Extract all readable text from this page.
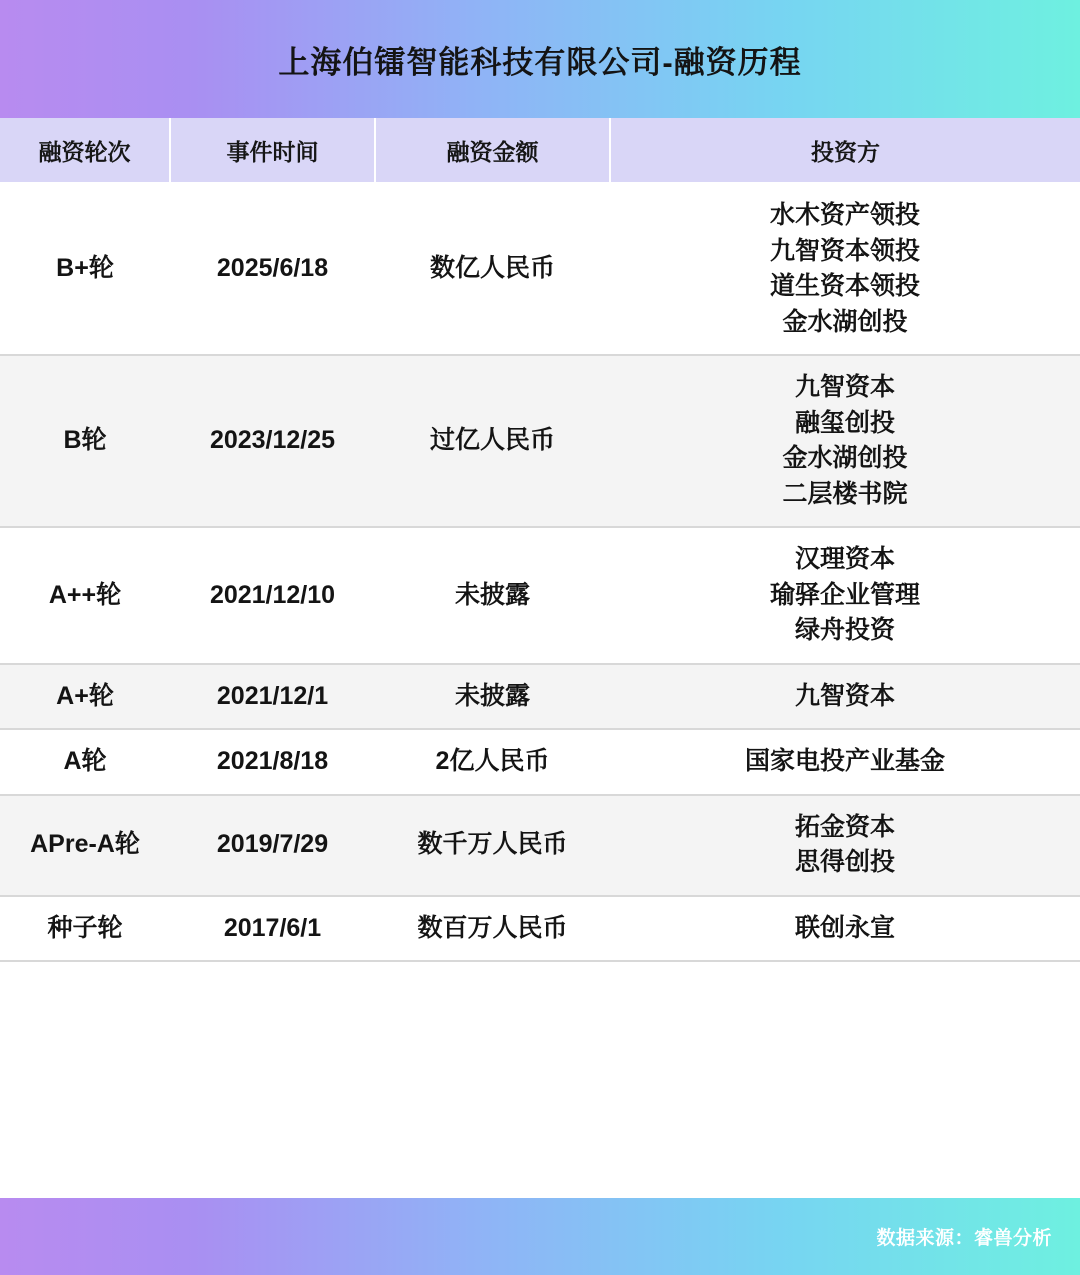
上海伯镭智能科技有限公司-融资历程
融资轮次	事件时间	融资金额	投资方
B+轮	2025/6/18	数亿人民币	水木资产领投
九智资本领投
道生资本领投
金水湖创投

B轮	2023/12/25	过亿人民币	九智资本
融玺创投
金水湖创投
二层楼书院

A++轮	2021/12/10	未披露	汉理资本
瑜驿企业管理
绿舟投资

A+轮	2021/12/1	未披露	九智资本

A轮	2021/8/18	2亿人民币	国家电投产业基金

APre-A轮	2019/7/29	数千万人民币	拓金资本
思得创投

种子轮	2017/6/1	数百万人民币	联创永宣
数据来源：睿兽分析
